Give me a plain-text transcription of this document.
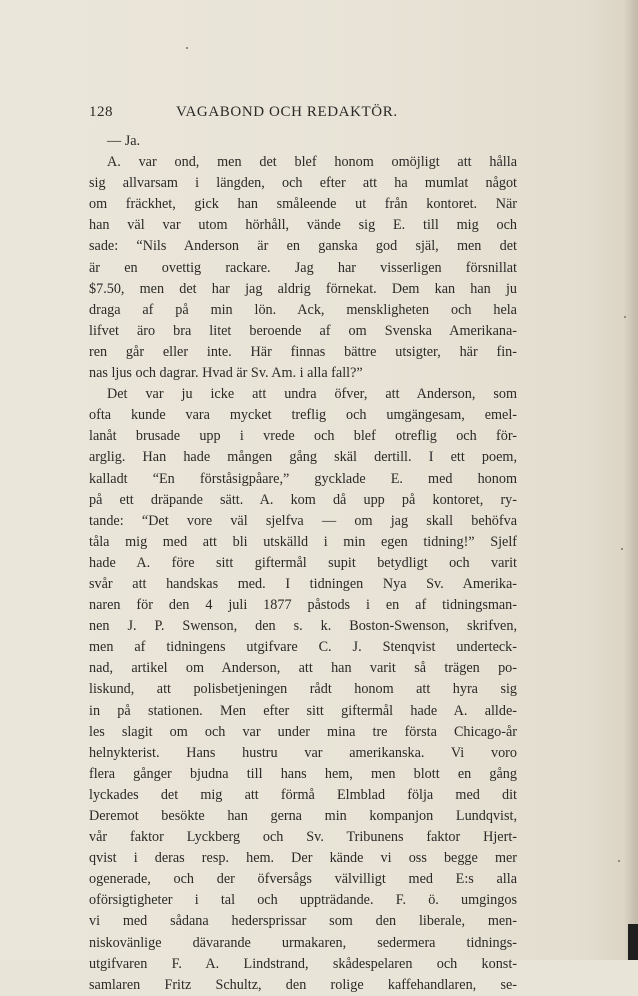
128	VAGABOND OCH REDAKTÖR.
— Ja.
A. var ond, men det blef honom omöjligt att hålla
sig allvarsam i längden, och efter att ha mumlat något
om fräckhet, gick han småleende ut från kontoret. När
han väl var utom hörhåll, vände sig E. till mig och
sade: “Nils Anderson är en ganska god själ, men det
är en ovettig rackare. Jag har visserligen försnillat
$7.50, men det har jag aldrig förnekat. Dem kan han ju
draga af på min lön. Ack, menskligheten och hela
lifvet äro bra litet beroende af om Svenska Amerikana-
ren går eller inte. Här finnas bättre utsigter, här fin-
nas ljus och dagrar. Hvad är Sv. Am. i alla fall?”
Det var ju icke att undra öfver, att Anderson, som
ofta kunde vara mycket treflig och umgängesam, emel-
lanåt brusade upp i vrede och blef otreflig och för-
arglig. Han hade mången gång skäl dertill. I ett poem,
kalladt “En förståsigpåare,” gycklade E. med honom
på ett dräpande sätt. A. kom då upp på kontoret, ry-
tande: “Det vore väl sjelfva — om jag skall behöfva
tåla mig med att bli utskälld i min egen tidning!” Sjelf
hade A. före sitt giftermål supit betydligt och varit
svår att handskas med. I tidningen Nya Sv. Amerika-
naren för den 4 juli 1877 påstods i en af tidningsman-
nen J. P. Swenson, den s. k. Boston-Swenson, skrifven,
men af tidningens utgifvare C. J. Stenqvist underteck-
nad, artikel om Anderson, att han varit så trägen po-
liskund, att polisbetjeningen rådt honom att hyra sig
in på stationen. Men efter sitt giftermål hade A. allde-
les slagit om och var under mina tre första Chicago-år
helnykterist. Hans hustru var amerikanska. Vi voro
flera gånger bjudna till hans hem, men blott en gång
lyckades det mig att förmå Elmblad följa med dit
Deremot besökte han gerna min kompanjon Lundqvist,
vår faktor Lyckberg och Sv. Tribunens faktor Hjert-
qvist i deras resp. hem. Der kände vi oss begge mer
ogenerade, och der öfversågs välvilligt med E:s alla
oförsigtigheter i tal och uppträdande. F. ö. umgingos
vi med sådana hedersprissar som den liberale, men-
niskovänlige dävarande urmakaren, sedermera tidnings-
utgifvaren F. A. Lindstrand, skådespelaren och konst-
samlaren Fritz Schultz, den rolige kaffehandlaren, se-
